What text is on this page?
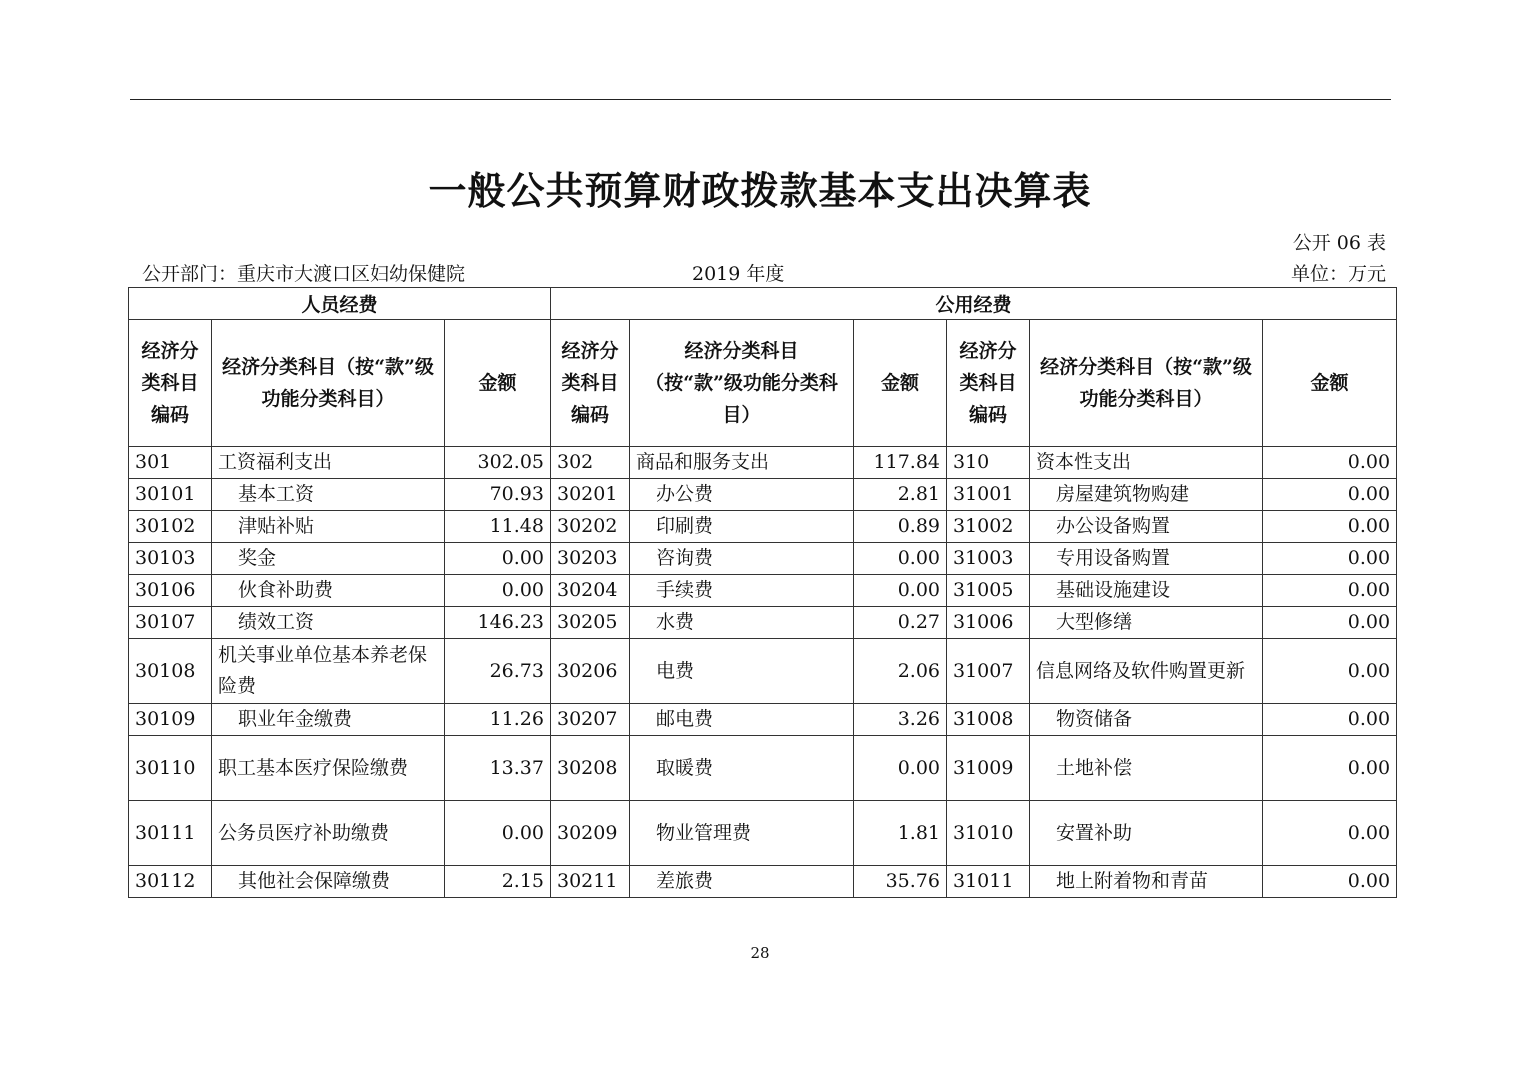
一般公共预算财政拨款基本支出决算表
公开 06 表
公开部门：重庆市大渡口区妇幼保健院	2019 年度	单位：万元
人员经费			公用经费					
经济分类科目编码	经济分类科目（按“款”级功能分类科目）	金额	经济分类科目编码	经济分类科目（按“款”级功能分类科目）	金额	经济分类科目编码	经济分类科目（按“款”级功能分类科目）	金额
301	工资福利支出	302.05	302	商品和服务支出	117.84	310	资本性支出	0.00
30101	基本工资	70.93	30201	办公费	2.81	31001	房屋建筑物购建	0.00
30102	津贴补贴	11.48	30202	印刷费	0.89	31002	办公设备购置	0.00
30103	奖金	0.00	30203	咨询费	0.00	31003	专用设备购置	0.00
30106	伙食补助费	0.00	30204	手续费	0.00	31005	基础设施建设	0.00
30107	绩效工资	146.23	30205	水费	0.27	31006	大型修缮	0.00
30108	机关事业单位基本养老保险费	26.73	30206	电费	2.06	31007	信息网络及软件购置更新	0.00
30109	职业年金缴费	11.26	30207	邮电费	3.26	31008	物资储备	0.00
30110	职工基本医疗保险缴费	13.37	30208	取暖费	0.00	31009	土地补偿	0.00
30111	公务员医疗补助缴费	0.00	30209	物业管理费	1.81	31010	安置补助	0.00
30112	其他社会保障缴费	2.15	30211	差旅费	35.76	31011	地上附着物和青苗	0.00
28
